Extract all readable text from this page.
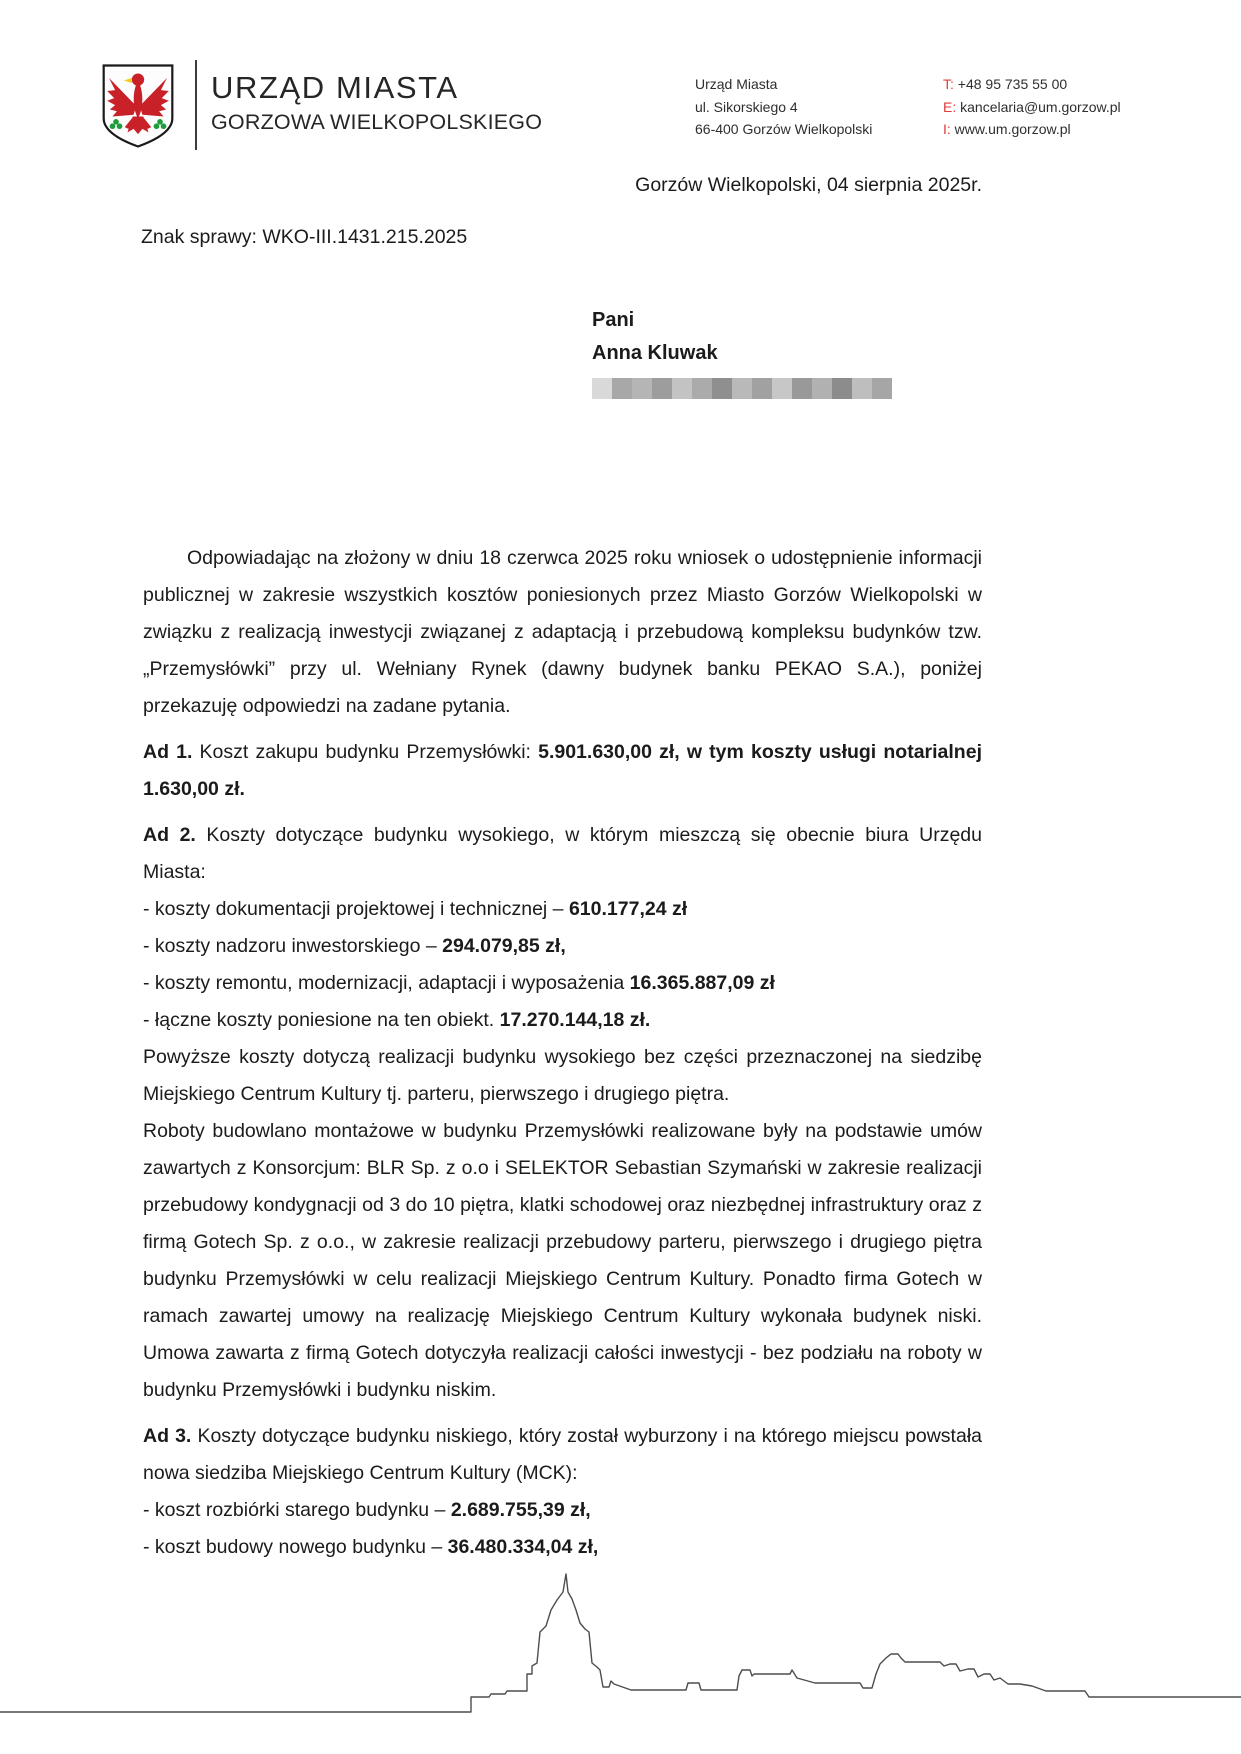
URZĄD MIASTA
GORZOWA WIELKOPOLSKIEGO
Urząd Miasta
ul. Sikorskiego 4
66-400 Gorzów Wielkopolski
T: +48 95 735 55 00
E: kancelaria@um.gorzow.pl
I: www.um.gorzow.pl
Gorzów Wielkopolski, 04 sierpnia 2025r.
Znak sprawy: WKO-III.1431.215.2025
Pani
Anna Kluwak

Odpowiadając na złożony w dniu 18 czerwca 2025 roku wniosek o udostępnienie informacji publicznej w zakresie wszystkich kosztów poniesionych przez Miasto Gorzów Wielkopolski w związku z realizacją inwestycji związanej z adaptacją i przebudową kompleksu budynków tzw. „Przemysłówki” przy ul. Wełniany Rynek (dawny budynek banku PEKAO S.A.), poniżej przekazuję odpowiedzi na zadane pytania.

Ad 1. Koszt zakupu budynku Przemysłówki: 5.901.630,00 zł, w tym koszty usługi notarialnej 1.630,00 zł.

Ad 2. Koszty dotyczące budynku wysokiego, w którym mieszczą się obecnie biura Urzędu Miasta:

- koszty dokumentacji projektowej i technicznej – 610.177,24 zł
- koszty nadzoru inwestorskiego – 294.079,85 zł,
- koszty remontu, modernizacji, adaptacji i wyposażenia 16.365.887,09 zł
- łączne koszty poniesione na ten obiekt. 17.270.144,18 zł.

Powyższe koszty dotyczą realizacji budynku wysokiego bez części przeznaczonej na siedzibę Miejskiego Centrum Kultury tj. parteru, pierwszego i drugiego piętra.

Roboty budowlano montażowe w budynku Przemysłówki realizowane były na podstawie umów zawartych z Konsorcjum: BLR Sp. z o.o i SELEKTOR Sebastian Szymański w zakresie realizacji przebudowy kondygnacji od 3 do 10 piętra, klatki schodowej oraz niezbędnej infrastruktury oraz z firmą Gotech Sp. z o.o., w zakresie realizacji przebudowy parteru, pierwszego i drugiego piętra budynku Przemysłówki w celu realizacji Miejskiego Centrum Kultury. Ponadto firma Gotech w ramach zawartej umowy na realizację Miejskiego Centrum Kultury wykonała budynek niski. Umowa zawarta z firmą Gotech dotyczyła realizacji całości inwestycji - bez podziału na roboty w budynku Przemysłówki i budynku niskim.

Ad 3. Koszty dotyczące budynku niskiego, który został wyburzony i na którego miejscu powstała nowa siedziba Miejskiego Centrum Kultury (MCK):

- koszt rozbiórki starego budynku – 2.689.755,39 zł,
- koszt budowy nowego budynku – 36.480.334,04 zł,
